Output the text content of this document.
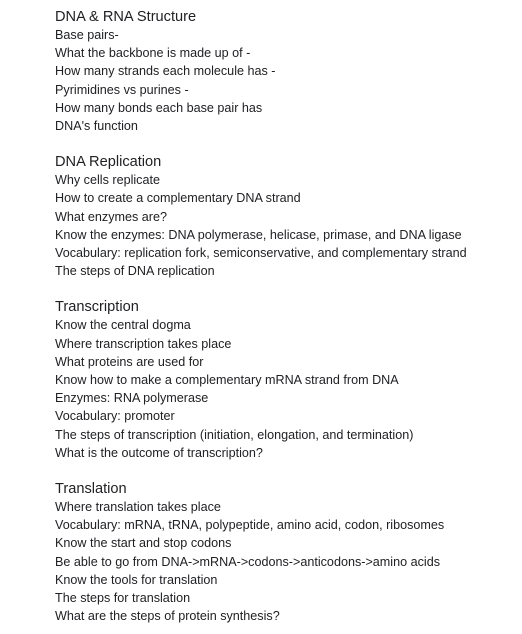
DNA & RNA Structure

Base pairs-

What the backbone is made up of -

How many strands each molecule has -

Pyrimidines vs purines -

How many bonds each base pair has

DNA's function

DNA Replication

Why cells replicate

How to create a complementary DNA strand

What enzymes are?

Know the enzymes: DNA polymerase, helicase, primase, and DNA ligase

Vocabulary: replication fork, semiconservative, and complementary strand

The steps of DNA replication

Transcription

Know the central dogma

Where transcription takes place

What proteins are used for

Know how to make a complementary mRNA strand from DNA

Enzymes: RNA polymerase

Vocabulary: promoter

The steps of transcription (initiation, elongation, and termination)

What is the outcome of transcription?

Translation

Where translation takes place

Vocabulary: mRNA, tRNA, polypeptide, amino acid, codon, ribosomes

Know the start and stop codons

Be able to go from DNA->mRNA->codons->anticodons->amino acids

Know the tools for translation

The steps for translation

What are the steps of protein synthesis?
